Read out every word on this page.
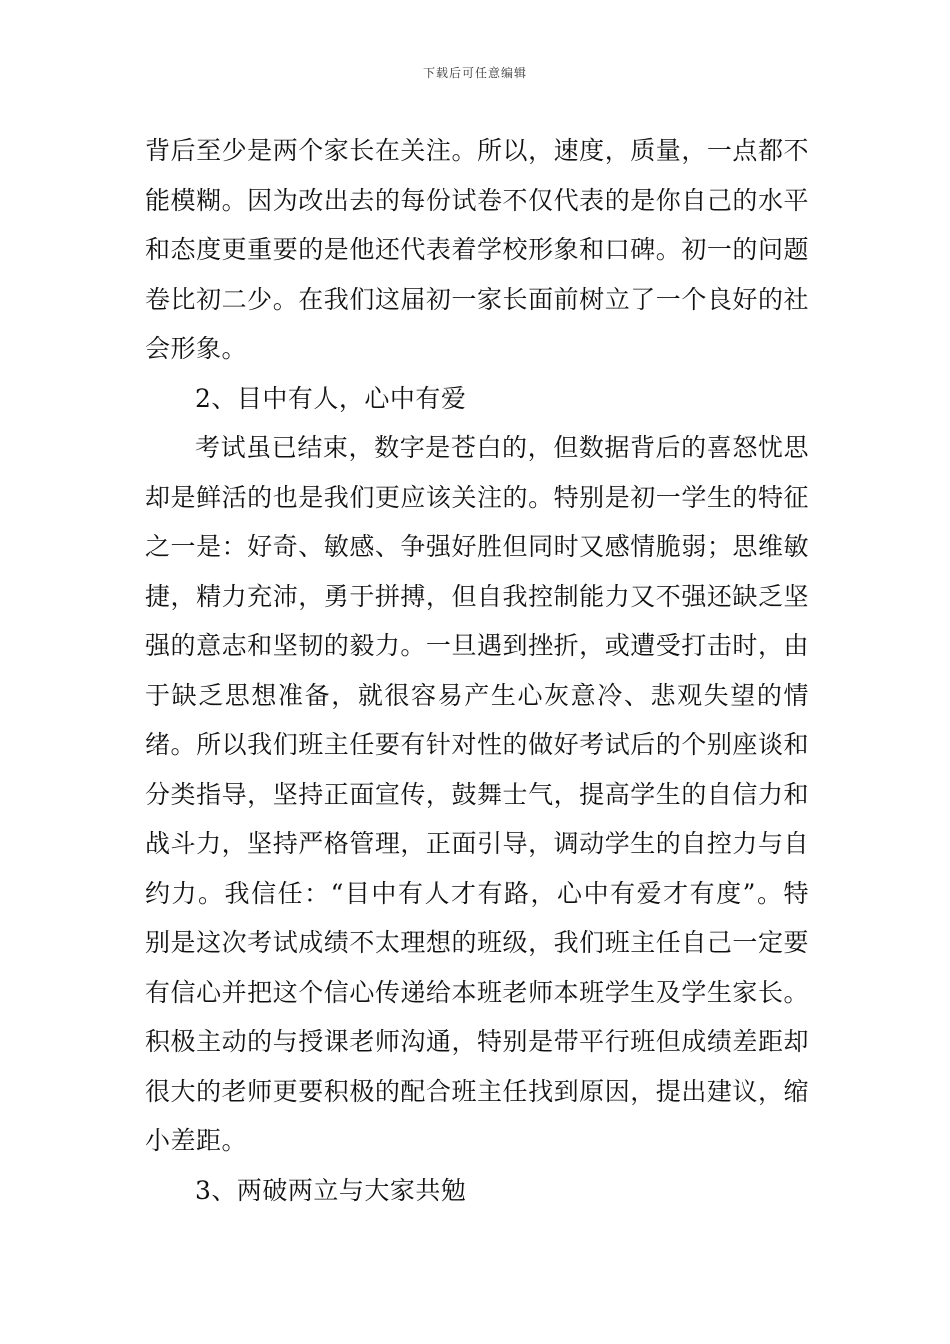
下载后可任意编辑

背后至少是两个家长在关注。所以，速度，质量，一点都不能模糊。因为改出去的每份试卷不仅代表的是你自己的水平和态度更重要的是他还代表着学校形象和口碑。初一的问题卷比初二少。在我们这届初一家长面前树立了一个良好的社会形象。

2、目中有人，心中有爱

考试虽已结束，数字是苍白的，但数据背后的喜怒忧思却是鲜活的也是我们更应该关注的。特别是初一学生的特征之一是：好奇、敏感、争强好胜但同时又感情脆弱；思维敏捷，精力充沛，勇于拼搏，但自我控制能力又不强还缺乏坚强的意志和坚韧的毅力。一旦遇到挫折，或遭受打击时，由于缺乏思想准备，就很容易产生心灰意冷、悲观失望的情绪。所以我们班主任要有针对性的做好考试后的个别座谈和分类指导，坚持正面宣传，鼓舞士气，提高学生的自信力和战斗力，坚持严格管理，正面引导，调动学生的自控力与自约力。我信任：“目中有人才有路，心中有爱才有度”。特别是这次考试成绩不太理想的班级，我们班主任自己一定要有信心并把这个信心传递给本班老师本班学生及学生家长。积极主动的与授课老师沟通，特别是带平行班但成绩差距却很大的老师更要积极的配合班主任找到原因，提出建议，缩小差距。

3、两破两立与大家共勉
